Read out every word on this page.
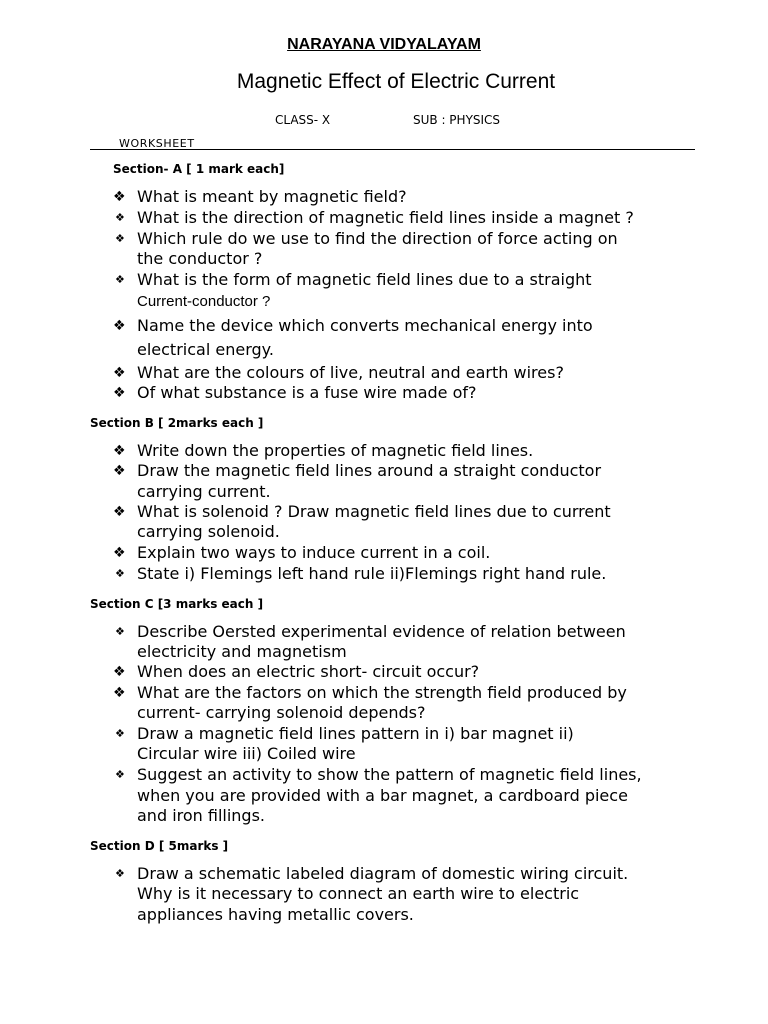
NARAYANA VIDYALAYAM
Magnetic Effect of Electric Current
CLASS- X	SUB : PHYSICS
WORKSHEET
Section- A [ 1 mark each]
❖ What is meant by magnetic field?
❖ What is the direction of magnetic field lines inside a magnet ?
❖ Which rule do we use to find the direction of force acting on
the conductor ?
❖ What is the form of magnetic field lines due to a straight
Current-conductor ?
❖ Name the device which converts mechanical energy into
electrical energy.
❖ What are the colours of live, neutral and earth wires?
❖ Of what substance is a fuse wire made of?
Section B [ 2marks each ]
❖ Write down the properties of magnetic field lines.
❖ Draw the magnetic field lines around a straight conductor
carrying current.
❖ What is solenoid ? Draw magnetic field lines due to current
carrying solenoid.
❖ Explain two ways to induce current in a coil.
❖ State i) Flemings left hand rule ii)Flemings right hand rule.
Section C [3 marks each ]
❖ Describe Oersted experimental evidence of relation between
electricity and magnetism
❖ When does an electric short- circuit occur?
❖ What are the factors on which the strength field produced by
current- carrying solenoid depends?
❖ Draw a magnetic field lines pattern in i) bar magnet ii)
Circular wire iii) Coiled wire
❖ Suggest an activity to show the pattern of magnetic field lines,
when you are provided with a bar magnet, a cardboard piece
and iron fillings.
Section D [ 5marks ]
❖ Draw a schematic labeled diagram of domestic wiring circuit.
Why is it necessary to connect an earth wire to electric
appliances having metallic covers.
